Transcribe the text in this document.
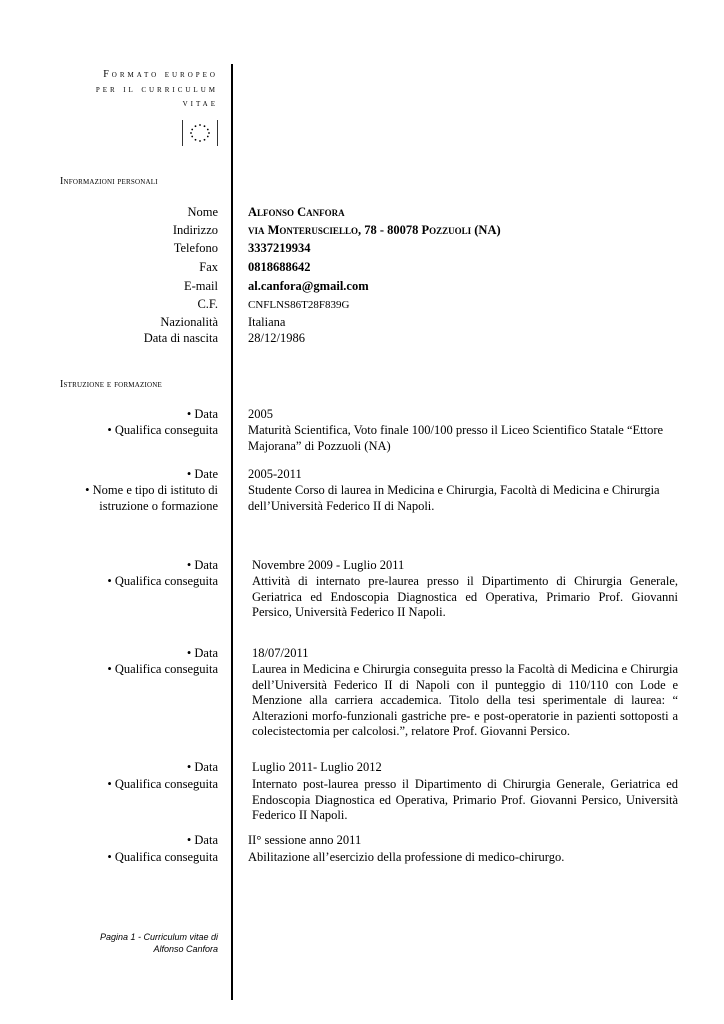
Formato europeo
per il curriculum
vitae
Informazioni personali
Nome Alfonso Canfora
Indirizzo via Monterusciello, 78 - 80078 Pozzuoli (NA)
Telefono 3337219934
Fax 0818688642
E-mail al.canfora@gmail.com
C.F.	CNFLNS86T28F839G
Nazionalità Italiana
Data di nascita 28/12/1986
Istruzione e formazione
• Data 2005
• Qualifica conseguita Maturità Scientifica, Voto finale 100/100 presso il Liceo Scientifico Statale “Ettore Majorana” di Pozzuoli (NA)
• Date 2005-2011
• Nome e tipo di istituto di istruzione o formazione
Studente Corso di laurea in Medicina e Chirurgia, Facoltà di Medicina e Chirurgia dell’Università Federico II di Napoli.
• Data	Novembre 2009 - Luglio 2011
• Qualifica conseguita	Attività di internato pre-laurea presso il Dipartimento di Chirurgia Generale, Geriatrica ed Endoscopia Diagnostica ed Operativa, Primario Prof. Giovanni Persico, Università Federico II Napoli.
• Data	18/07/2011
• Qualifica conseguita	Laurea in Medicina e Chirurgia conseguita presso la Facoltà di Medicina e Chirurgia dell’Università Federico II di Napoli con il punteggio di 110/110 con Lode e Menzione alla carriera accademica. Titolo della tesi sperimentale di laurea: “ Alterazioni morfo-funzionali gastriche pre- e post-operatorie in pazienti sottoposti a colecistectomia per calcolosi.”, relatore Prof. Giovanni Persico.
• Data	Luglio 2011- Luglio 2012
• Qualifica conseguita	Internato post-laurea presso il Dipartimento di Chirurgia Generale, Geriatrica ed Endoscopia Diagnostica ed Operativa, Primario Prof. Giovanni Persico, Università Federico II Napoli.
• Data II° sessione anno 2011
• Qualifica conseguita Abilitazione all’esercizio della professione di medico-chirurgo.
Pagina 1 - Curriculum vitae di
Alfonso Canfora
